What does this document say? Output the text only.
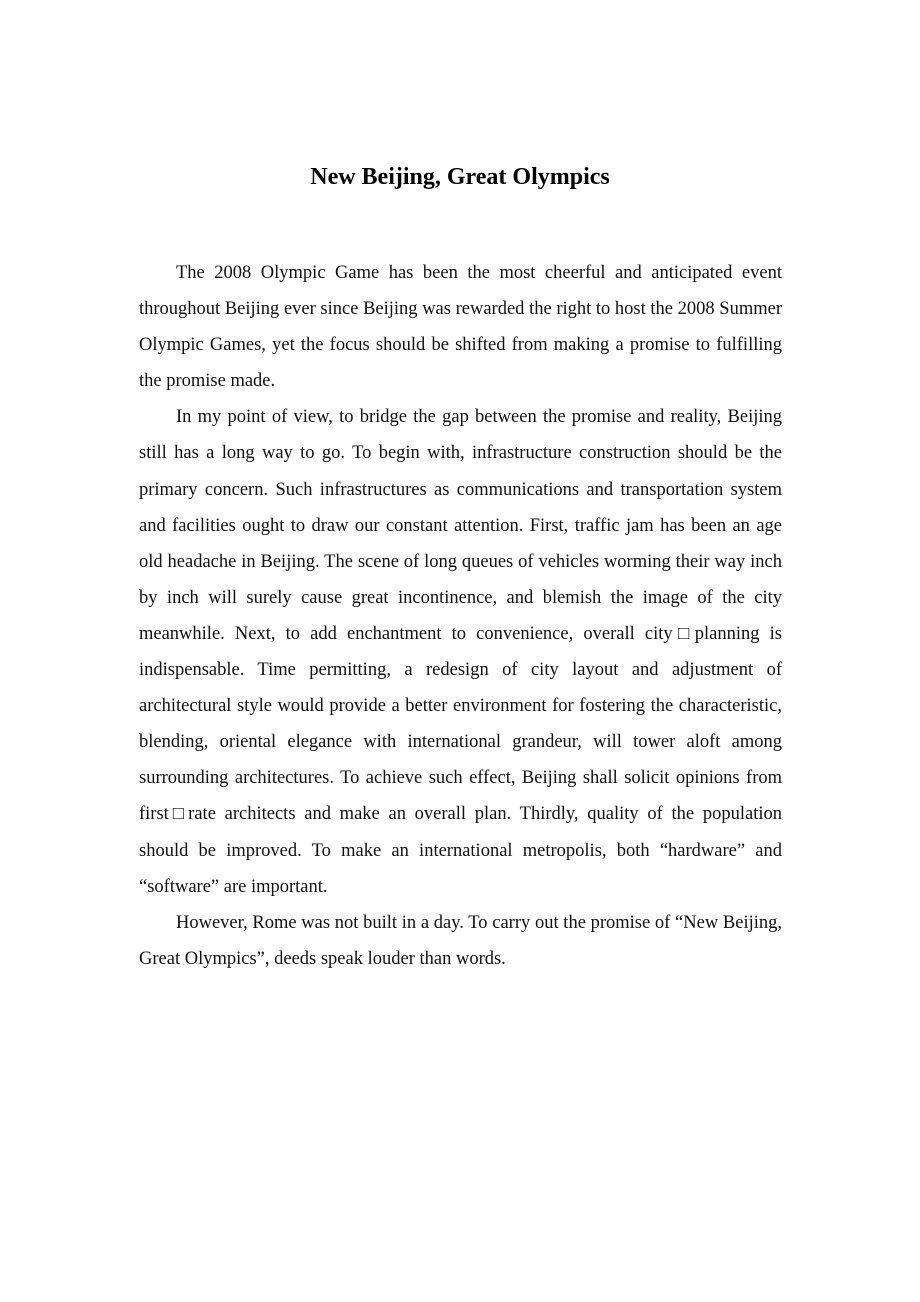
New Beijing, Great Olympics

The 2008 Olympic Game has been the most cheerful and anticipated event throughout Beijing ever since Beijing was rewarded the right to host the 2008 Summer Olympic Games, yet the focus should be shifted from making a promise to fulfilling the promise made.

In my point of view, to bridge the gap between the promise and reality, Beijing still has a long way to go. To begin with, infrastructure construction should be the primary concern. Such infrastructures as communications and transportation system and facilities ought to draw our constant attention. First, traffic jam has been an age old headache in Beijing. The scene of long queues of vehicles worming their way inch by inch will surely cause great incontinence, and blemish the image of the city meanwhile. Next, to add enchantment to convenience, overall city□planning is indispensable. Time permitting, a redesign of city layout and adjustment of architectural style would provide a better environment for fostering the characteristic, blending, oriental elegance with international grandeur, will tower aloft among surrounding architectures. To achieve such effect, Beijing shall solicit opinions from first□rate architects and make an overall plan. Thirdly, quality of the population should be improved. To make an international metropolis, both “hardware” and “software” are important.

However, Rome was not built in a day. To carry out the promise of “New Beijing, Great Olympics”, deeds speak louder than words.
